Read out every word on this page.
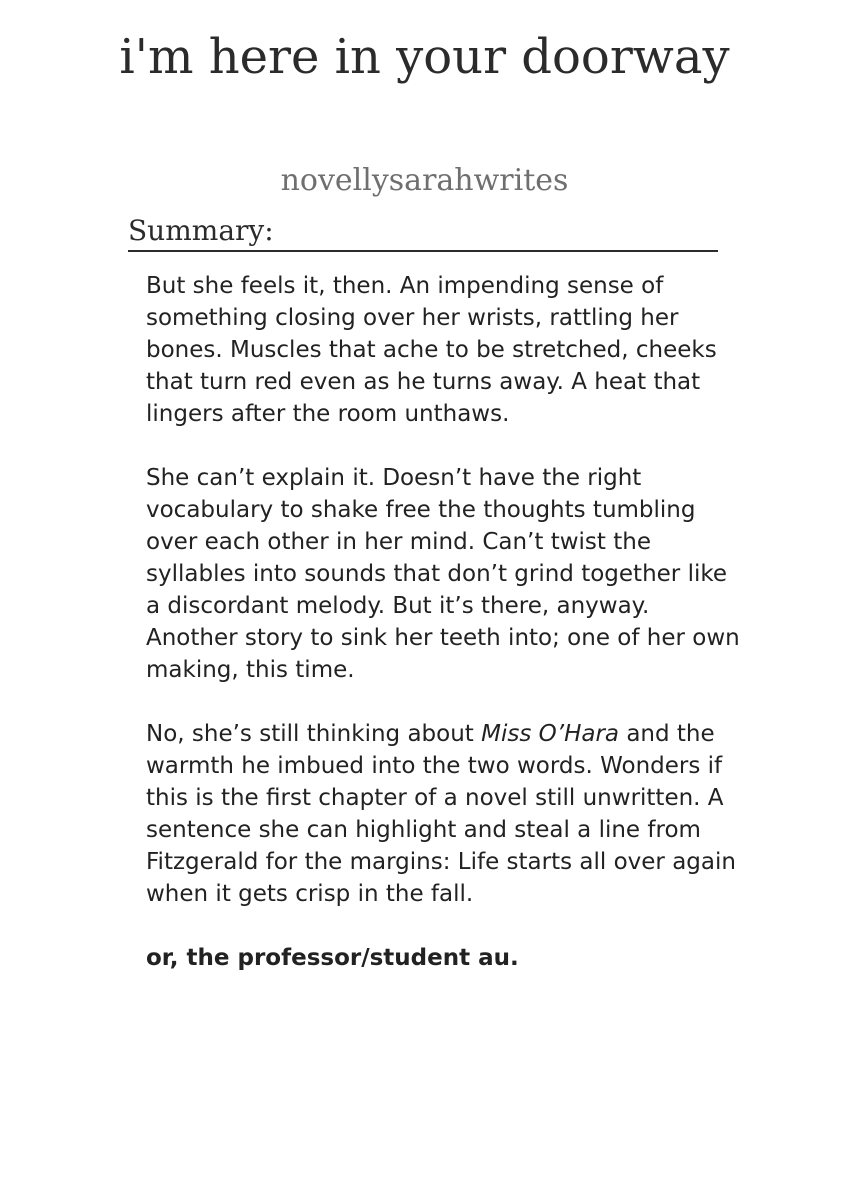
i'm here in your doorway
novellysarahwrites
Summary:

But she feels it, then. An impending sense of something closing over her wrists, rattling her bones. Muscles that ache to be stretched, cheeks that turn red even as he turns away. A heat that lingers after the room unthaws.

She can’t explain it. Doesn’t have the right vocabulary to shake free the thoughts tumbling over each other in her mind. Can’t twist the syllables into sounds that don’t grind together like a discordant melody. But it’s there, anyway. Another story to sink her teeth into; one of her own making, this time.

No, she’s still thinking about Miss O’Hara and the warmth he imbued into the two words. Wonders if this is the first chapter of a novel still unwritten. A sentence she can highlight and steal a line from Fitzgerald for the margins: Life starts all over again when it gets crisp in the fall.

or, the professor/student au.
